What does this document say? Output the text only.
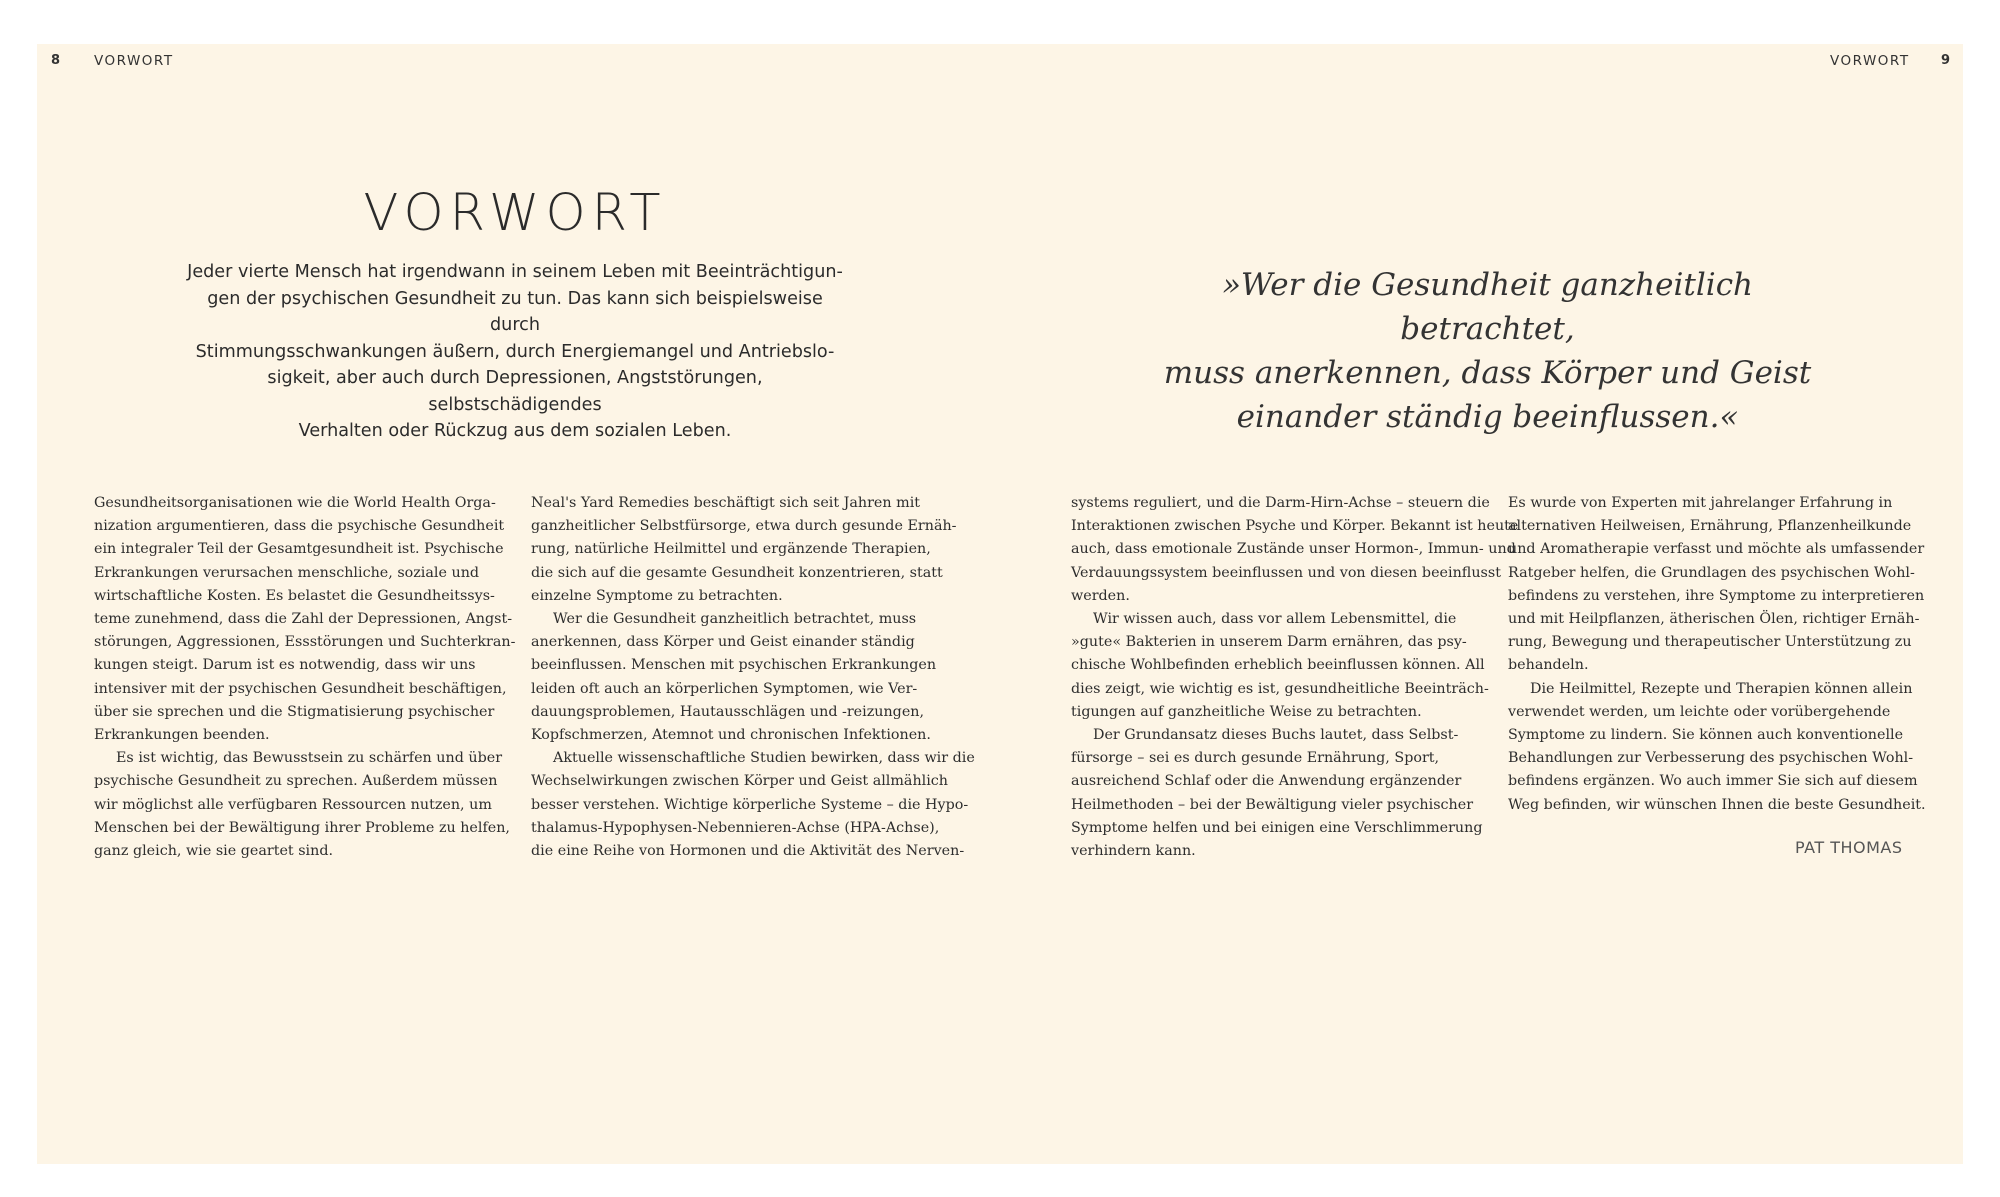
8	VORWORT	VORWORT 9
VORWORT

Jeder vierte Mensch hat irgendwann in seinem Leben mit Beeinträchtigun-
gen der psychischen Gesundheit zu tun. Das kann sich beispielsweise durch
Stimmungsschwankungen äußern, durch Energiemangel und Antriebslo-
sigkeit, aber auch durch Depressionen, Angststörungen, selbstschädigendes
Verhalten oder Rückzug aus dem sozialen Leben.

»Wer die Gesundheit ganzheitlich betrachtet,
muss anerkennen, dass Körper und Geist
einander ständig beeinflussen.«

Gesundheitsorganisationen wie die World Health Orga-
nization argumentieren, dass die psychische Gesundheit
ein integraler Teil der Gesamtgesundheit ist. Psychische
Erkrankungen verursachen menschliche, soziale und
wirtschaftliche Kosten. Es belastet die Gesundheitssys-
teme zunehmend, dass die Zahl der Depressionen, Angst-
störungen, Aggressionen, Essstörungen und Suchterkran-
kungen steigt. Darum ist es notwendig, dass wir uns
intensiver mit der psychischen Gesundheit beschäftigen,
über sie sprechen und die Stigmatisierung psychischer
Erkrankungen beenden.
Es ist wichtig, das Bewusstsein zu schärfen und über
psychische Gesundheit zu sprechen. Außerdem müssen
wir möglichst alle verfügbaren Ressourcen nutzen, um
Menschen bei der Bewältigung ihrer Probleme zu helfen,
ganz gleich, wie sie geartet sind.
Neal's Yard Remedies beschäftigt sich seit Jahren mit
ganzheitlicher Selbstfürsorge, etwa durch gesunde Ernäh-
rung, natürliche Heilmittel und ergänzende Therapien,
die sich auf die gesamte Gesundheit konzentrieren, statt
einzelne Symptome zu betrachten.
Wer die Gesundheit ganzheitlich betrachtet, muss
anerkennen, dass Körper und Geist einander ständig
beeinflussen. Menschen mit psychischen Erkrankungen
leiden oft auch an körperlichen Symptomen, wie Ver-
dauungsproblemen, Hautausschlägen und -reizungen,
Kopfschmerzen, Atemnot und chronischen Infektionen.
Aktuelle wissenschaftliche Studien bewirken, dass wir die
Wechselwirkungen zwischen Körper und Geist allmählich
besser verstehen. Wichtige körperliche Systeme – die Hypo-
thalamus-Hypophysen-Nebennieren-Achse (HPA-Achse),
die eine Reihe von Hormonen und die Aktivität des Nerven-
systems reguliert, und die Darm-Hirn-Achse – steuern die
Interaktionen zwischen Psyche und Körper. Bekannt ist heute
auch, dass emotionale Zustände unser Hormon-, Immun- und
Verdauungssystem beeinflussen und von diesen beeinflusst
werden.
Wir wissen auch, dass vor allem Lebensmittel, die
»gute« Bakterien in unserem Darm ernähren, das psy-
chische Wohlbefinden erheblich beeinflussen können. All
dies zeigt, wie wichtig es ist, gesundheitliche Beeinträch-
tigungen auf ganzheitliche Weise zu betrachten.
Der Grundansatz dieses Buchs lautet, dass Selbst-
fürsorge – sei es durch gesunde Ernährung, Sport,
ausreichend Schlaf oder die Anwendung ergänzender
Heilmethoden – bei der Bewältigung vieler psychischer
Symptome helfen und bei einigen eine Verschlimmerung
verhindern kann.
Es wurde von Experten mit jahrelanger Erfahrung in
alternativen Heilweisen, Ernährung, Pflanzenheilkunde
und Aromatherapie verfasst und möchte als umfassender
Ratgeber helfen, die Grundlagen des psychischen Wohl-
befindens zu verstehen, ihre Symptome zu interpretieren
und mit Heilpflanzen, ätherischen Ölen, richtiger Ernäh-
rung, Bewegung und therapeutischer Unterstützung zu
behandeln.
Die Heilmittel, Rezepte und Therapien können allein
verwendet werden, um leichte oder vorübergehende
Symptome zu lindern. Sie können auch konventionelle
Behandlungen zur Verbesserung des psychischen Wohl-
befindens ergänzen. Wo auch immer Sie sich auf diesem
Weg befinden, wir wünschen Ihnen die beste Gesundheit.
PAT THOMAS
